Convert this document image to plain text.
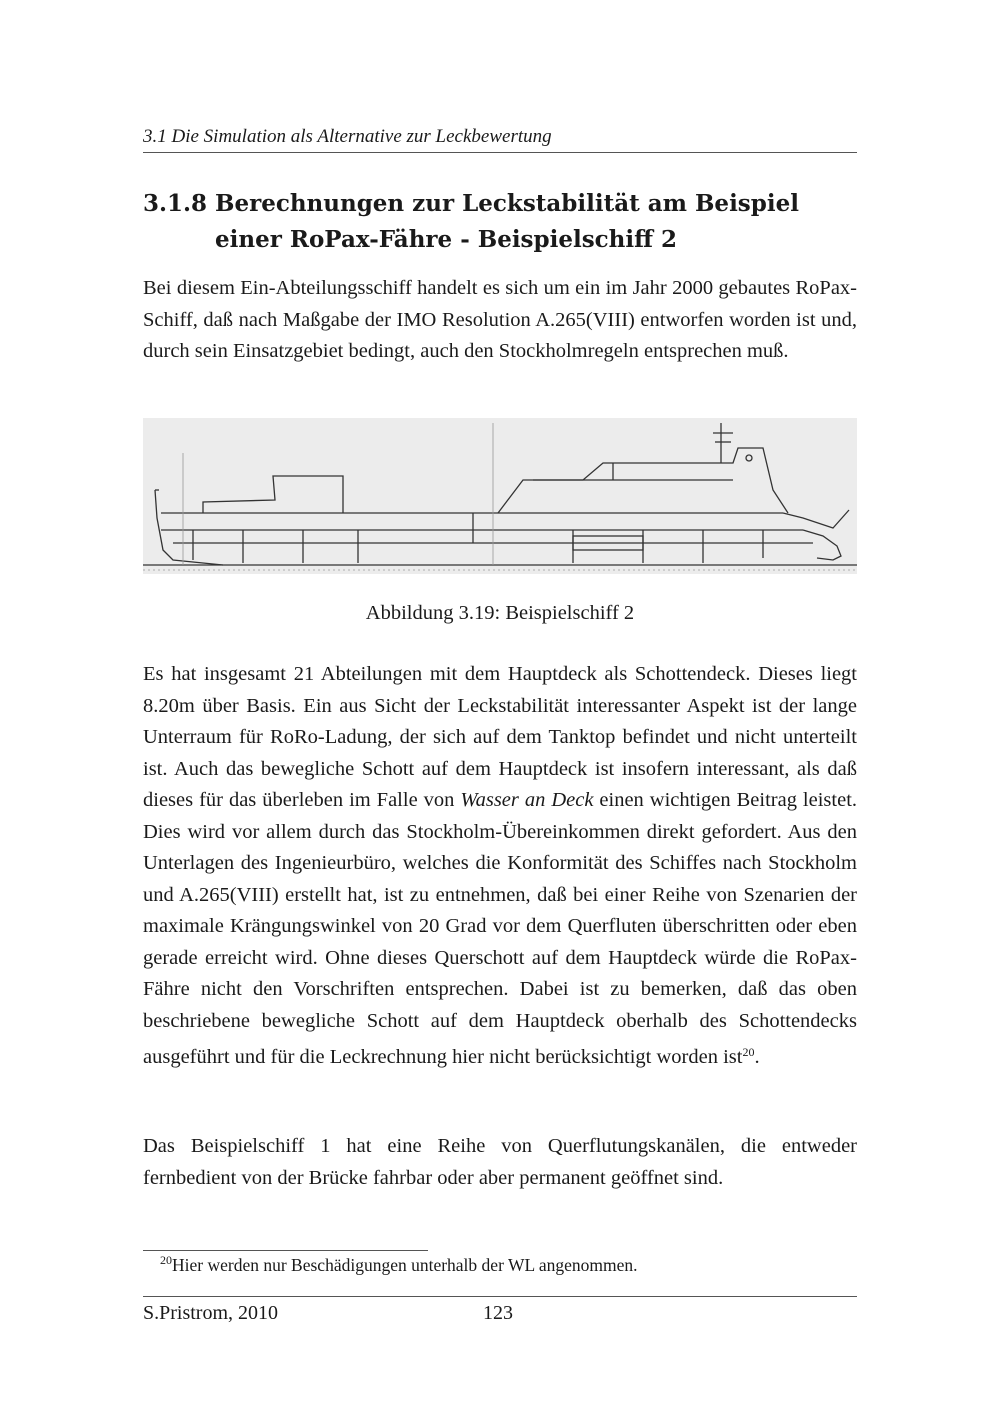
3.1 Die Simulation als Alternative zur Leckbewertung
3.1.8 Berechnungen zur Leckstabilität am Beispiel einer RoPax-Fähre - Beispielschiff 2
Bei diesem Ein-Abteilungsschiff handelt es sich um ein im Jahr 2000 gebautes RoPax-Schiff, daß nach Maßgabe der IMO Resolution A.265(VIII) entworfen worden ist und, durch sein Einsatzgebiet bedingt, auch den Stockholmregeln entsprechen muß.
Abbildung 3.19: Beispielschiff 2
Es hat insgesamt 21 Abteilungen mit dem Hauptdeck als Schottendeck. Dieses liegt 8.20m über Basis. Ein aus Sicht der Leckstabilität interessanter Aspekt ist der lange Unterraum für RoRo-Ladung, der sich auf dem Tanktop befindet und nicht unterteilt ist. Auch das bewegliche Schott auf dem Hauptdeck ist insofern interessant, als daß dieses für das überleben im Falle von Wasser an Deck einen wichtigen Beitrag leistet. Dies wird vor allem durch das Stockholm-Übereinkommen direkt gefordert. Aus den Unterlagen des Ingenieurbüro, welches die Konformität des Schiffes nach Stockholm und A.265(VIII) erstellt hat, ist zu entnehmen, daß bei einer Reihe von Szenarien der maximale Krängungswinkel von 20 Grad vor dem Querfluten überschritten oder eben gerade erreicht wird. Ohne dieses Querschott auf dem Hauptdeck würde die RoPax-Fähre nicht den Vorschriften entsprechen. Dabei ist zu bemerken, daß das oben beschriebene bewegliche Schott auf dem Hauptdeck oberhalb des Schottendecks ausgeführt und für die Leckrechnung hier nicht berücksichtigt worden ist$^{20}$.
Das Beispielschiff 1 hat eine Reihe von Querflutungskanälen, die entweder fernbedient von der Brücke fahrbar oder aber permanent geöffnet sind.
$^{20}$Hier werden nur Beschädigungen unterhalb der WL angenommen.
S.Pristrom, 2010	123
